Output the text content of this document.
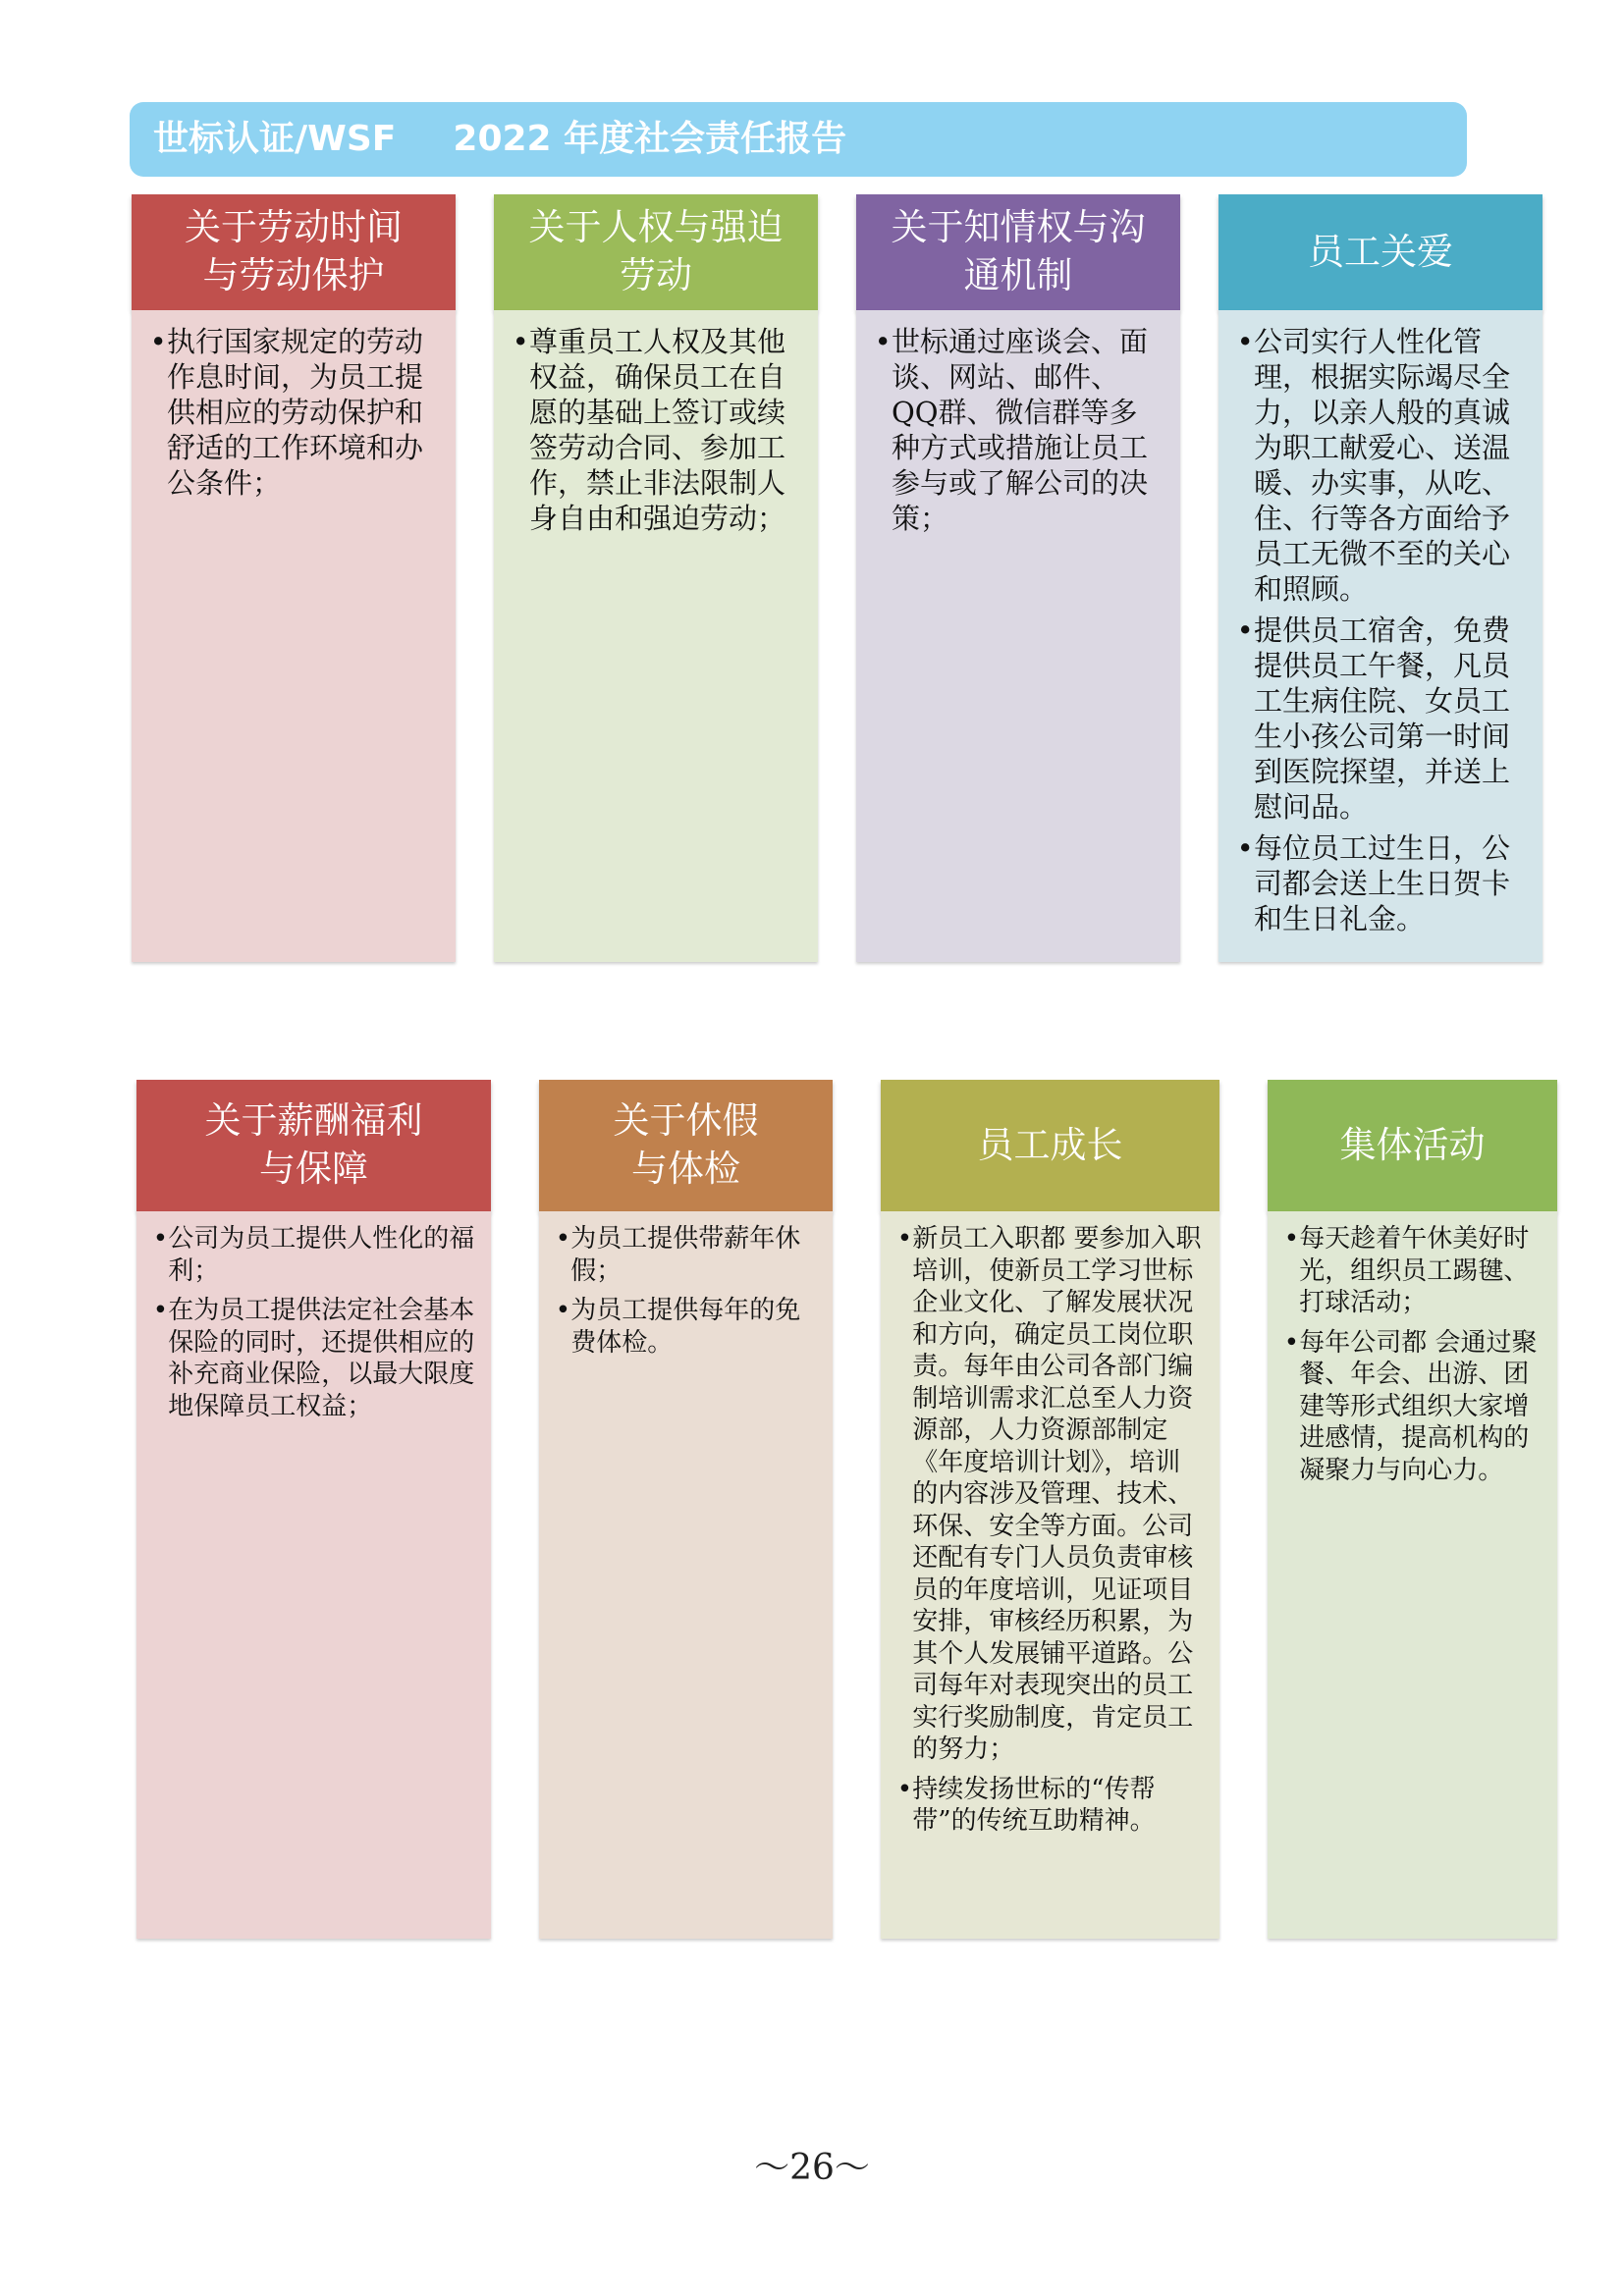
世标认证/WSF 2022 年度社会责任报告
关于劳动时间
与劳动保护
• 执行国家规定的劳动作息时间，为员工提供相应的劳动保护和舒适的工作环境和办公条件；
关于人权与强迫
劳动
• 尊重员工人权及其他权益，确保员工在自愿的基础上签订或续签劳动合同、参加工作，禁止非法限制人身自由和强迫劳动；
关于知情权与沟
通机制
• 世标通过座谈会、面谈、网站、邮件、QQ群、微信群等多种方式或措施让员工参与或了解公司的决策；
员工关爱
• 公司实行人性化管理，根据实际竭尽全力，以亲人般的真诚为职工献爱心、送温暖、办实事，从吃、住、行等各方面给予员工无微不至的关心和照顾。
• 提供员工宿舍，免费提供员工午餐，凡员工生病住院、女员工生小孩公司第一时间到医院探望，并送上慰问品。
• 每位员工过生日，公司都会送上生日贺卡和生日礼金。
关于薪酬福利
与保障
• 公司为员工提供人性化的福利；
• 在为员工提供法定社会基本保险的同时，还提供相应的补充商业保险，以最大限度地保障员工权益；
关于休假
与体检
• 为员工提供带薪年休假；
• 为员工提供每年的免费体检。
员工成长
• 新员工入职都 要参加入职培训，使新员工学习世标企业文化、了解发展状况和方向，确定员工岗位职责。每年由公司各部门编制培训需求汇总至人力资源部，人力资源部制定《年度培训计划》，培训的内容涉及管理、技术、环保、安全等方面。公司还配有专门人员负责审核员的年度培训，见证项目安排，审核经历积累，为其个人发展铺平道路。公司每年对表现突出的员工实行奖励制度，肯定员工的努力；
• 持续发扬世标的“传帮带”的传统互助精神。
集体活动
• 每天趁着午休美好时光，组织员工踢毽、打球活动；
• 每年公司都 会通过聚餐、年会、出游、团建等形式组织大家增进感情，提高机构的凝聚力与向心力。
～26～
